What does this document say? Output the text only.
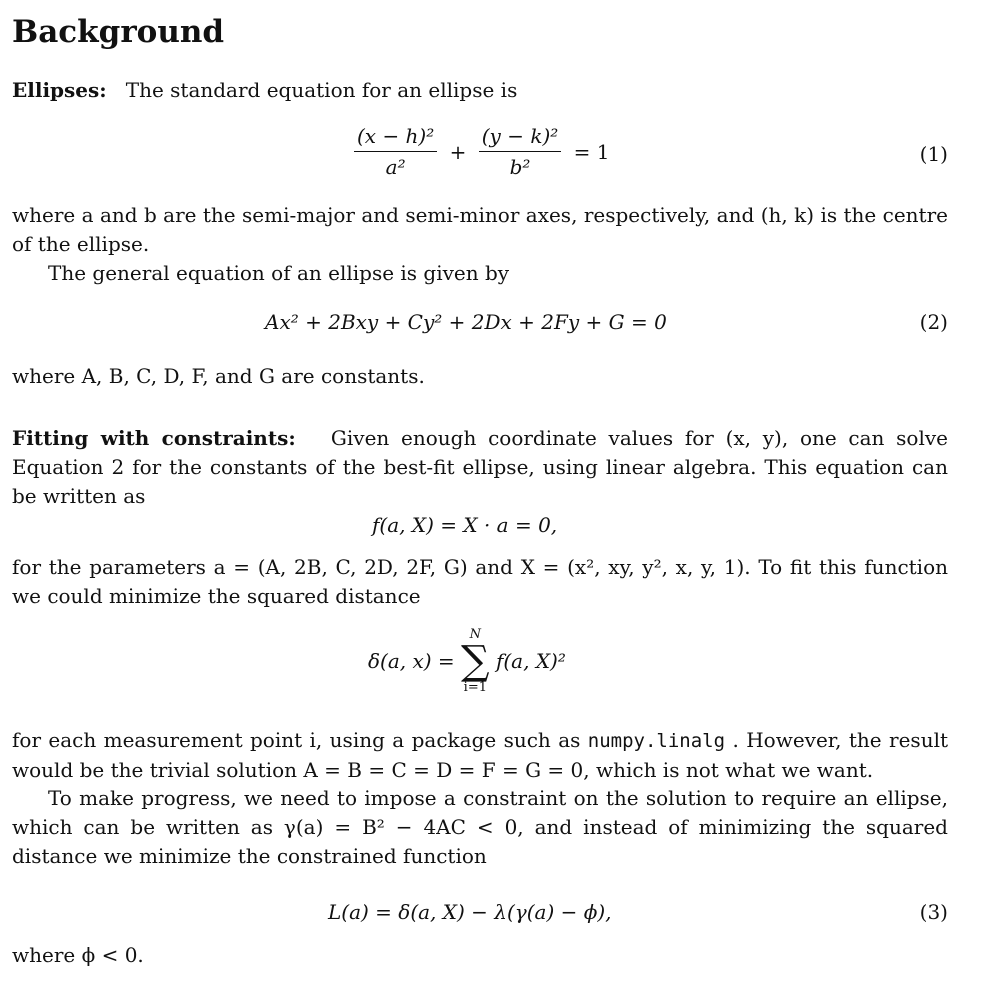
Background

Ellipses: The standard equation for an ellipse is

$\frac{\text{(x − h)²}}{\text{a²}} + \frac{\text{(y − k)²}}{\text{b²}} = 1$	(1)

where a and b are the semi-major and semi-minor axes, respectively, and (h, k) is the centre of the ellipse.

The general equation of an ellipse is given by

Ax² + 2Bxy + Cy² + 2Dx + 2Fy + G = 0	(2)

where A, B, C, D, F, and G are constants.

Fitting with constraints: Given enough coordinate values for (x, y), one can solve Equation 2 for the constants of the best-fit ellipse, using linear algebra. This equation can be written as

f(a, X) = X · a = 0,

for the parameters a = (A, 2B, C, 2D, 2F, G) and X = (x², xy, y², x, y, 1). To fit this function we could minimize the squared distance

δ(a, x) =
N
∑
i=1
f(a, X)²

for each measurement point i, using a package such as numpy.linalg . However, the result would be the trivial solution A = B = C = D = F = G = 0, which is not what we want.

To make progress, we need to impose a constraint on the solution to require an ellipse, which can be written as γ(a) = B² − 4AC < 0, and instead of minimizing the squared distance we minimize the constrained function

L(a) = δ(a, X) − λ(γ(a) − ϕ),	(3)

where ϕ < 0.
